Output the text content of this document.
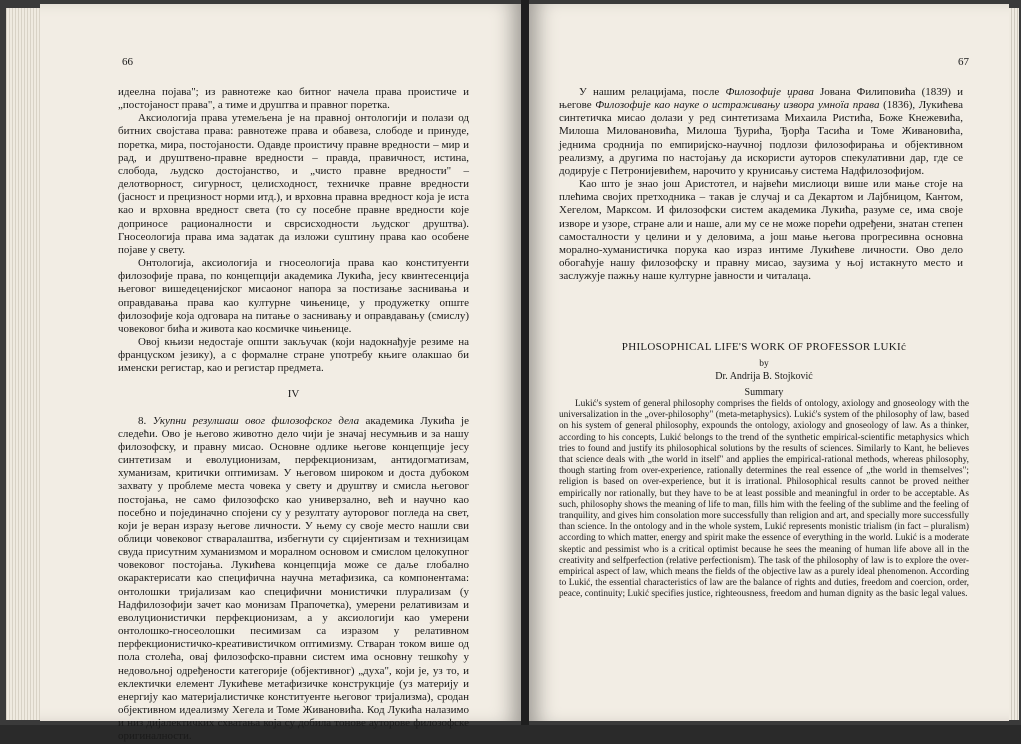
66

идеелна појава"; из равнотеже као битног начела права проистиче и „постојаност права", а тиме и друштва и правног поретка.

Аксиологија права утемељена је на правној онтологији и полази од битних својстава права: равнотеже права и обавеза, слободе и принуде, поретка, мира, постојаности. Одавде проистичу правне вредности – мир и рад, и друштвено-правне вредности – правда, правичност, истина, слобода, људско достојанство, и „чисто правне вредности" – делотворност, сигурност, целисходност, техничке правне вредности (јасност и прецизност норми итд.), и врховна правна вредност која је иста као и врховна вредност света (то су посебне правне вредности које доприносе рационалности и сврсисходности људског друштва). Гносеологија права има задатак да изложи суштину права као особене појаве у свету.

Онтологија, аксиологија и гносеологија права као конституенти филозофије права, по концепцији академика Лукића, јесу квинтесенција његовог вишедеценијског мисаоног напора за постизање заснивања и оправдавања права као културне чињенице, у продужетку опште филозофије која одговара на питање о заснивању и оправдавању (смислу) човековог бића и живота као космичке чињенице.

Овој књизи недостаје општи закључак (који надокнађује резиме на француском језику), а с формалне стране употребу књиге олакшао би именски регистар, као и регистар предмета.

IV

8. Укупни резулшаш овог филозофског дела академика Лукића је следећи. Ово је његово животно дело чији је значај несумњив и за нашу филозофску, и правну мисао. Основне одлике његове концепције јесу синтетизам и еволуционизам, перфекционизам, антидогматизам, хуманизам, критички оптимизам. У његовом широком и доста дубоком захвату у проблеме места човека у свету и друштву и смисла његовог постојања, не само филозофско као универзално, већ и научно као посебно и појединачно спојени су у резултату ауторовог погледа на свет, који је веран изразу његове личности. У њему су своје место нашли сви облици човековог стваралаштва, избегнути су сцијентизам и технизицам свуда присутним хуманизмом и моралном основом и смислом целокупног човековог постојања. Лукићева концепција може се даље глобално окарактерисати као специфична научна метафизика, са компонентама: онтолошки тријализам као специфични монистички плурализам (у Надфилозофији зачет као монизам Прапочетка), умерени релативизам и еволуционистички перфекционизам, а у аксиологији као умерени онтолошко-гносеолошки песимизам са изразом у релативном перфекционистичко-креативистичком оптимизму. Стваран током више од пола столећа, овај филозофско-правни систем има основну тешкоћу у недовољној одређености категорије (објективног) „духа", који је, уз то, и еклектички елемент Лукићеве метафизичке конструкције (уз материју и енергију као материјалистичке конституенте његовог тријализма), сродан објективном идеализму Хегела и Томе Живановића. Код Лукића налазимо и низ дијалектичких схватања која су добила тонове ауторове филозофске оригиналности.

67

У нашим релацијама, после Филозофије џрава Јована Филиповића (1839) и његове Филозофије као науке о истраживању извора умноїа права (1836), Лукићева синтетичка мисао долази у ред синтетизама Михаила Ристића, Боже Кнежевића, Милоша Милованoвића, Милоша Ђурића, Ђорђа Тасића и Томе Живановића, једнима сроднија по емпиријско-научној подлози филозофирања и објективном реализму, а другима по настојању да искористи ауторов спекулативни дар, где се додирује с Петронијевићем, нарочито у крунисању система Надфилозофијом.

Као што је знао још Аристотел, и највећи мислиоци више или мање стоје на плећима својих претходника – такав је случај и са Декартом и Лајбницом, Кантом, Хегелом, Марксом. И филозофски систем академика Лукића, разуме се, има своје изворе и узоре, стране али и наше, али му се не може порећи одређени, знатан степен самосталности у целини и у деловима, а још мање његова прогресивна основна морално-хуманистичка порука као израз интиме Лукићеве личности. Ово дело обогаћује нашу филозофску и правну мисао, заузима у њој истакнуто место и заслужује пажњу наше културне јавности и читалаца.

PHILOSOPHICAL LIFE'S WORK OF PROFESSOR LUKIć
by
Dr. Andrija B. Stojković
Summary
Lukić's system of general philosophy comprises the fields of ontology, axiology and gnoseology with the universalization in the „over-philosophy" (meta-metaphysics). Lukić's system of the philosophy of law, based on his system of general philosophy, expounds the ontology, axiology and gnoseology of law. As a thinker, according to his concepts, Lukić belongs to the trend of the synthetic empirical-scientific metaphysics which tries to found and justify its philosophical solutions by the results of sciences. Similarly to Kant, he believes that science deals with „the world in itself" and applies the empirical-rational methods, whereas philosophy, though starting from over-experience, rationally determines the real essence of „the world in themselves"; religion is based on over-experience, but it is irrational. Philosophical results cannot be proved neither empirically nor rationally, but they have to be at least possible and meaningful in order to be acceptable. As such, philosophy shows the meaning of life to man, fills him with the feeling of the sublime and the feeling of tranquility, and gives him consolation more successfully than religion and art, and specially more successfully than science. In the ontology and in the whole system, Lukić represents monistic trialism (in fact – pluralism) according to which matter, energy and spirit make the essence of everything in the world. Lukić is a moderate skeptic and pessimist who is a critical optimist because he sees the meaning of human life above all in the creativity and selfperfection (relative perfectionism). The task of the philosophy of law is to explore the over-empirical aspect of law, which means the fields of the objective law as a purely ideal phenomenon. According to Lukić, the essential characteristics of law are the balance of rights and duties, freedom and coercion, order, peace, continuity; Lukić specifies justice, righteousness, freedom and human dignity as the basic legal values.
